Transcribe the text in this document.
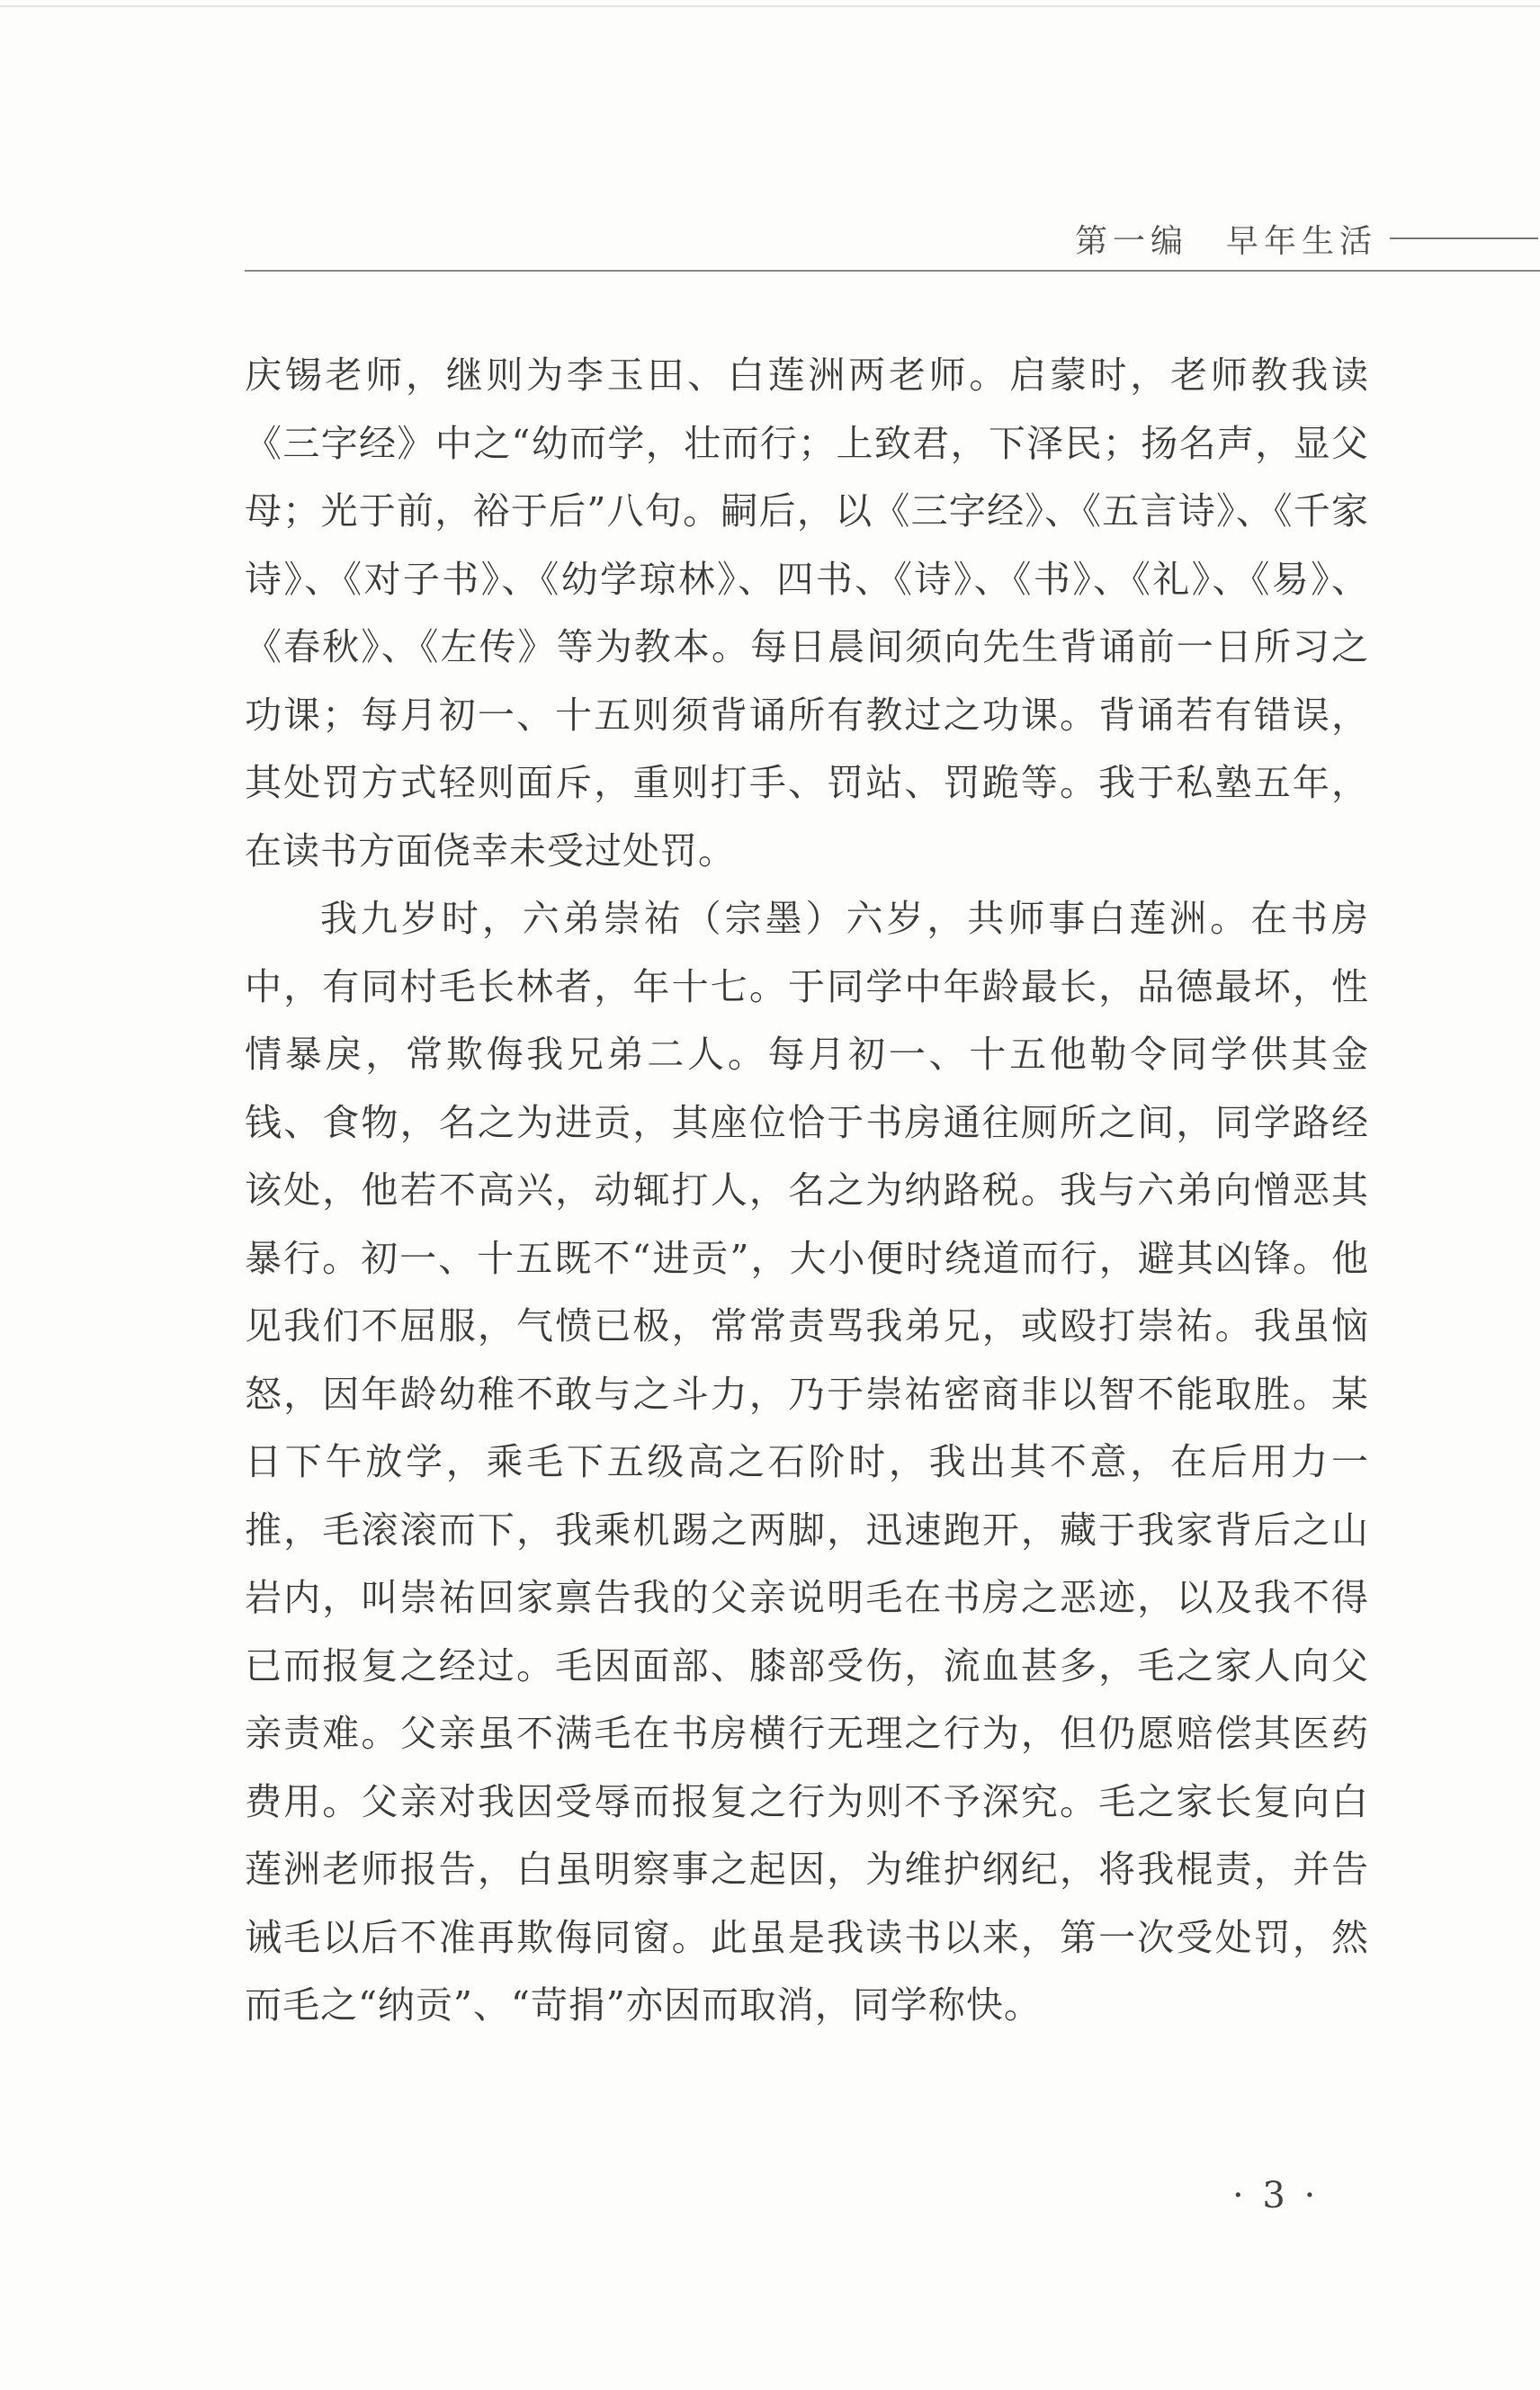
第一编　早年生活

庆锡老师，继则为李玉田、白莲洲两老师。启蒙时，老师教我读《三字经》中之“幼而学，壮而行；上致君，下泽民；扬名声，显父母；光于前，裕于后”八句。嗣后，以《三字经》、《五言诗》、《千家诗》、《对子书》、《幼学琼林》、四书、《诗》、《书》、《礼》、《易》、《春秋》、《左传》等为教本。每日晨间须向先生背诵前一日所习之功课；每月初一、十五则须背诵所有教过之功课。背诵若有错误，其处罚方式轻则面斥，重则打手、罚站、罚跪等。我于私塾五年，在读书方面侥幸未受过处罚。

我九岁时，六弟崇祐（宗墨）六岁，共师事白莲洲。在书房中，有同村毛长林者，年十七。于同学中年龄最长，品德最坏，性情暴戾，常欺侮我兄弟二人。每月初一、十五他勒令同学供其金钱、食物，名之为进贡，其座位恰于书房通往厕所之间，同学路经该处，他若不高兴，动辄打人，名之为纳路税。我与六弟向憎恶其暴行。初一、十五既不“进贡”，大小便时绕道而行，避其凶锋。他见我们不屈服，气愤已极，常常责骂我弟兄，或殴打崇祐。我虽恼怒，因年龄幼稚不敢与之斗力，乃于崇祐密商非以智不能取胜。某日下午放学，乘毛下五级高之石阶时，我出其不意，在后用力一推，毛滚滚而下，我乘机踢之两脚，迅速跑开，藏于我家背后之山岩内，叫崇祐回家禀告我的父亲说明毛在书房之恶迹，以及我不得已而报复之经过。毛因面部、膝部受伤，流血甚多，毛之家人向父亲责难。父亲虽不满毛在书房横行无理之行为，但仍愿赔偿其医药费用。父亲对我因受辱而报复之行为则不予深究。毛之家长复向白莲洲老师报告，白虽明察事之起因，为维护纲纪，将我棍责，并告诫毛以后不准再欺侮同窗。此虽是我读书以来，第一次受处罚，然而毛之“纳贡”、“苛捐”亦因而取消，同学称快。

· 3 ·
